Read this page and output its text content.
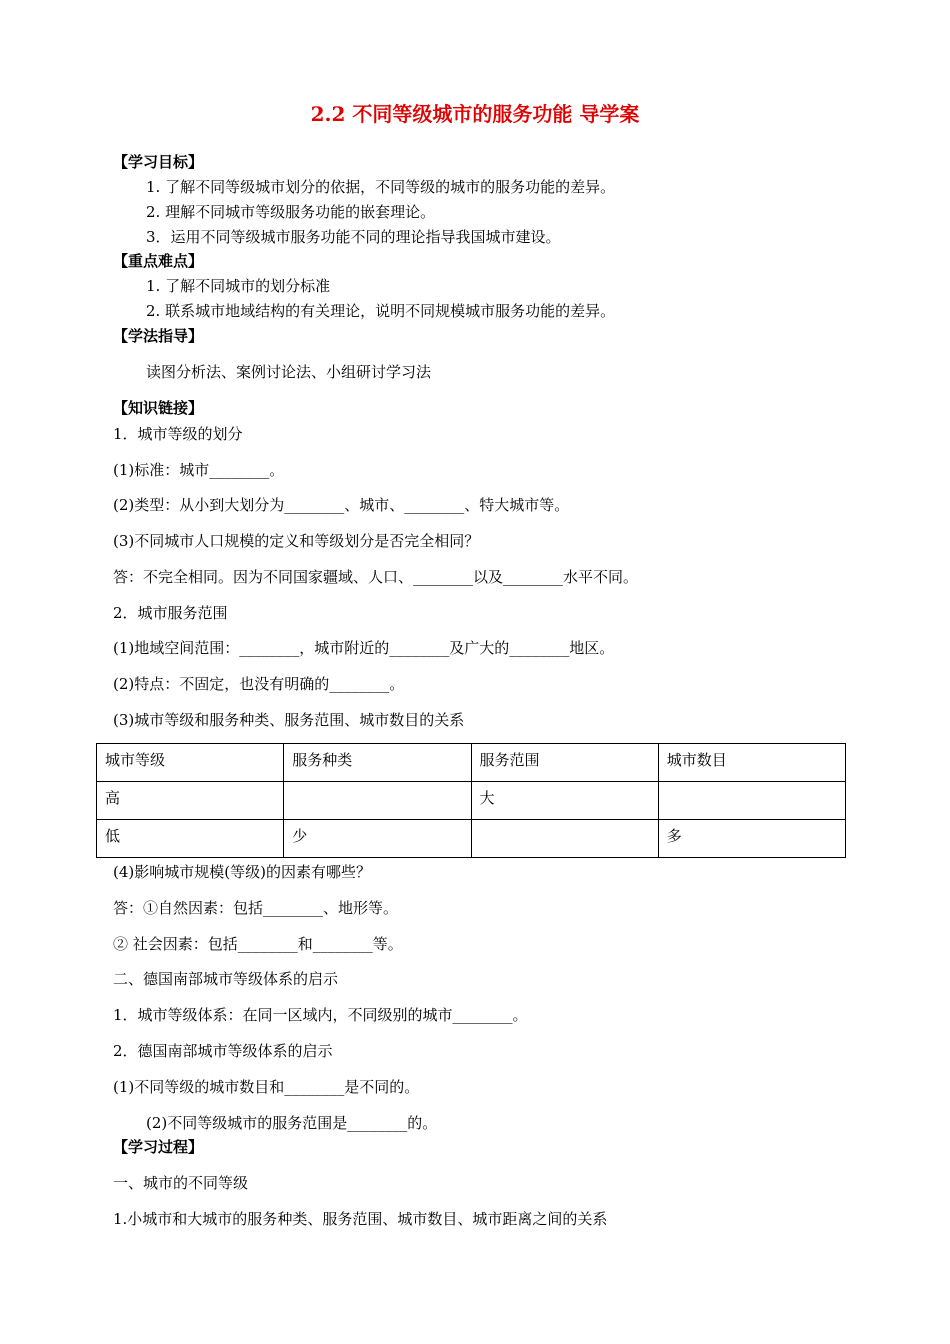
2.2 不同等级城市的服务功能 导学案
【学习目标】
1. 了解不同等级城市划分的依据，不同等级的城市的服务功能的差异。
2. 理解不同城市等级服务功能的嵌套理论。
3．运用不同等级城市服务功能不同的理论指导我国城市建设。
【重点难点】
1. 了解不同城市的划分标准
2. 联系城市地域结构的有关理论，说明不同规模城市服务功能的差异。
【学法指导】
读图分析法、案例讨论法、小组研讨学习法
【知识链接】
1．城市等级的划分
(1)标准：城市________。
(2)类型：从小到大划分为________、城市、________、特大城市等。
(3)不同城市人口规模的定义和等级划分是否完全相同？
答：不完全相同。因为不同国家疆域、人口、________以及________水平不同。
2．城市服务范围
(1)地域空间范围：________，城市附近的________及广大的________地区。
(2)特点：不固定，也没有明确的________。
(3)城市等级和服务种类、服务范围、城市数目的关系
城市等级	服务种类	服务范围	城市数目
高		大	
低	少		多
(4)影响城市规模(等级)的因素有哪些？
答：①自然因素：包括________、地形等。
② 社会因素：包括________和________等。
二、德国南部城市等级体系的启示
1．城市等级体系：在同一区域内，不同级别的城市________。
2．德国南部城市等级体系的启示
(1)不同等级的城市数目和________是不同的。
(2)不同等级城市的服务范围是________的。
【学习过程】
一、城市的不同等级
1.小城市和大城市的服务种类、服务范围、城市数目、城市距离之间的关系
